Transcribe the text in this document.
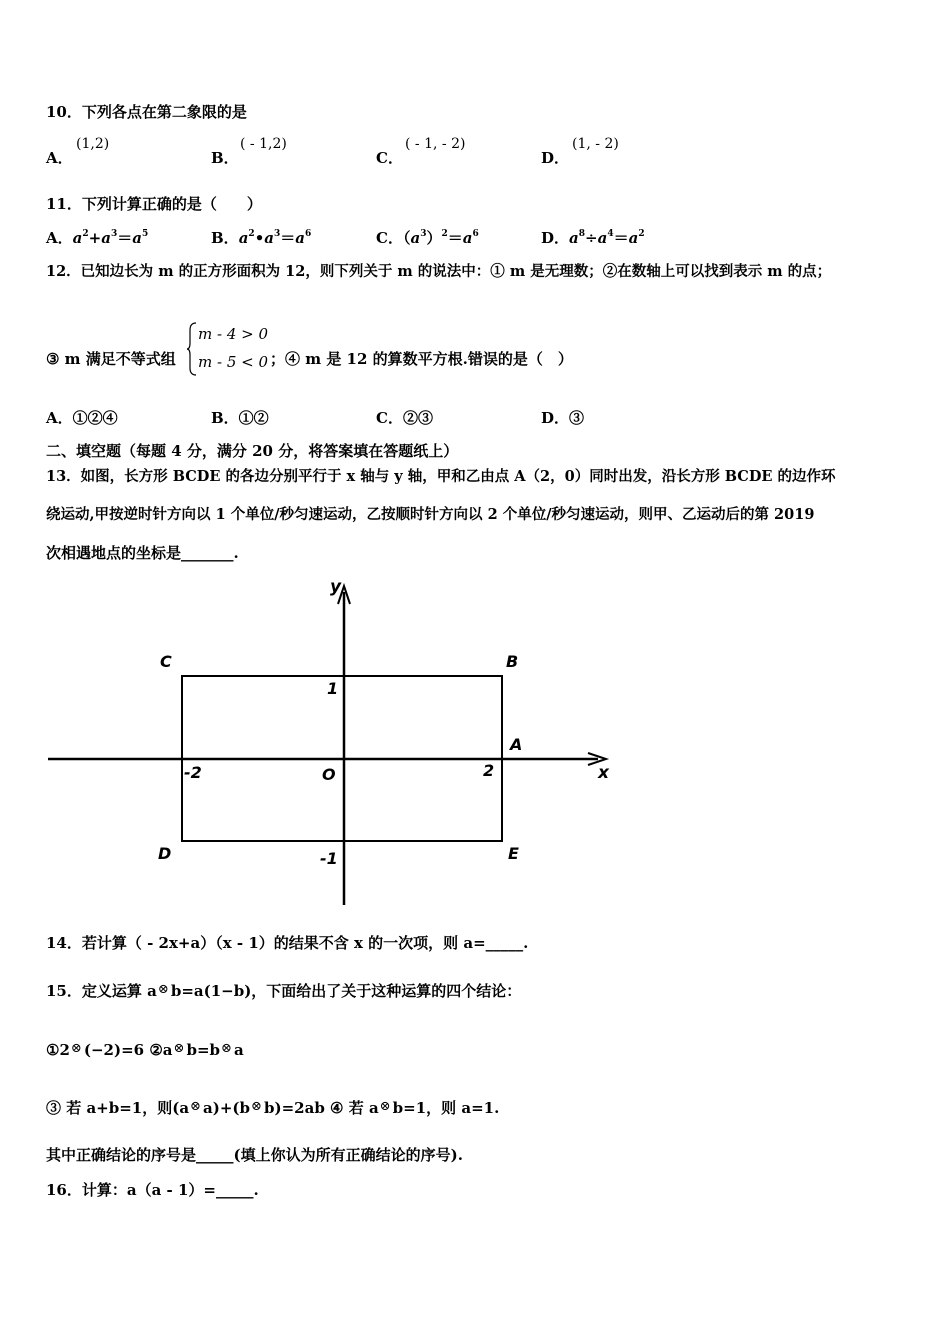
10．下列各点在第二象限的是
A．
(1,2)
B．
( - 1,2)
C．
( - 1, - 2)
D．
(1, - 2)
11．下列计算正确的是（　　）
A．$a^2+a^3=a^5$	B．$a^2•a^3=a^6$	C．$(a^3)^2=a^6$	D．$a^8\div a^4=a^2$
12．已知边长为 m 的正方形面积为 12，则下列关于 m 的说法中：① m 是无理数；②在数轴上可以找到表示 m 的点；
③ m 满足不等式组
m - 4 > 0
m - 5 < 0 ；④ m 是 12 的算数平方根.错误的是（　）
A．①②④	B．①②	C．②③	D．③
二、填空题（每题 4 分，满分 20 分，将答案填在答题纸上）
13．如图，长方形 BCDE 的各边分别平行于 x 轴与 y 轴，甲和乙由点 A（2，0）同时出发，沿长方形 BCDE 的边作环
绕运动,甲按逆时针方向以 1 个单位/秒匀速运动，乙按顺时针方向以 2 个单位/秒匀速运动，则甲、乙运动后的第 2019
次相遇地点的坐标是_______.
y
x
C	B
D	E
A
O
1
-1
2
-2
14．若计算（ - 2x+a）（x - 1）的结果不含 x 的一次项，则 a=_____.
15．定义运算 a ⊗ b=a(1−b)，下面给出了关于这种运算的四个结论：
①2 ⊗ (−2)=6 ②a ⊗ b=b ⊗ a
③ 若 a+b=1，则(a ⊗ a)+(b ⊗ b)=2ab ④ 若 a ⊗ b=1，则 a=1.
其中正确结论的序号是_____(填上你认为所有正确结论的序号).
16．计算：a（a - 1）=_____.
